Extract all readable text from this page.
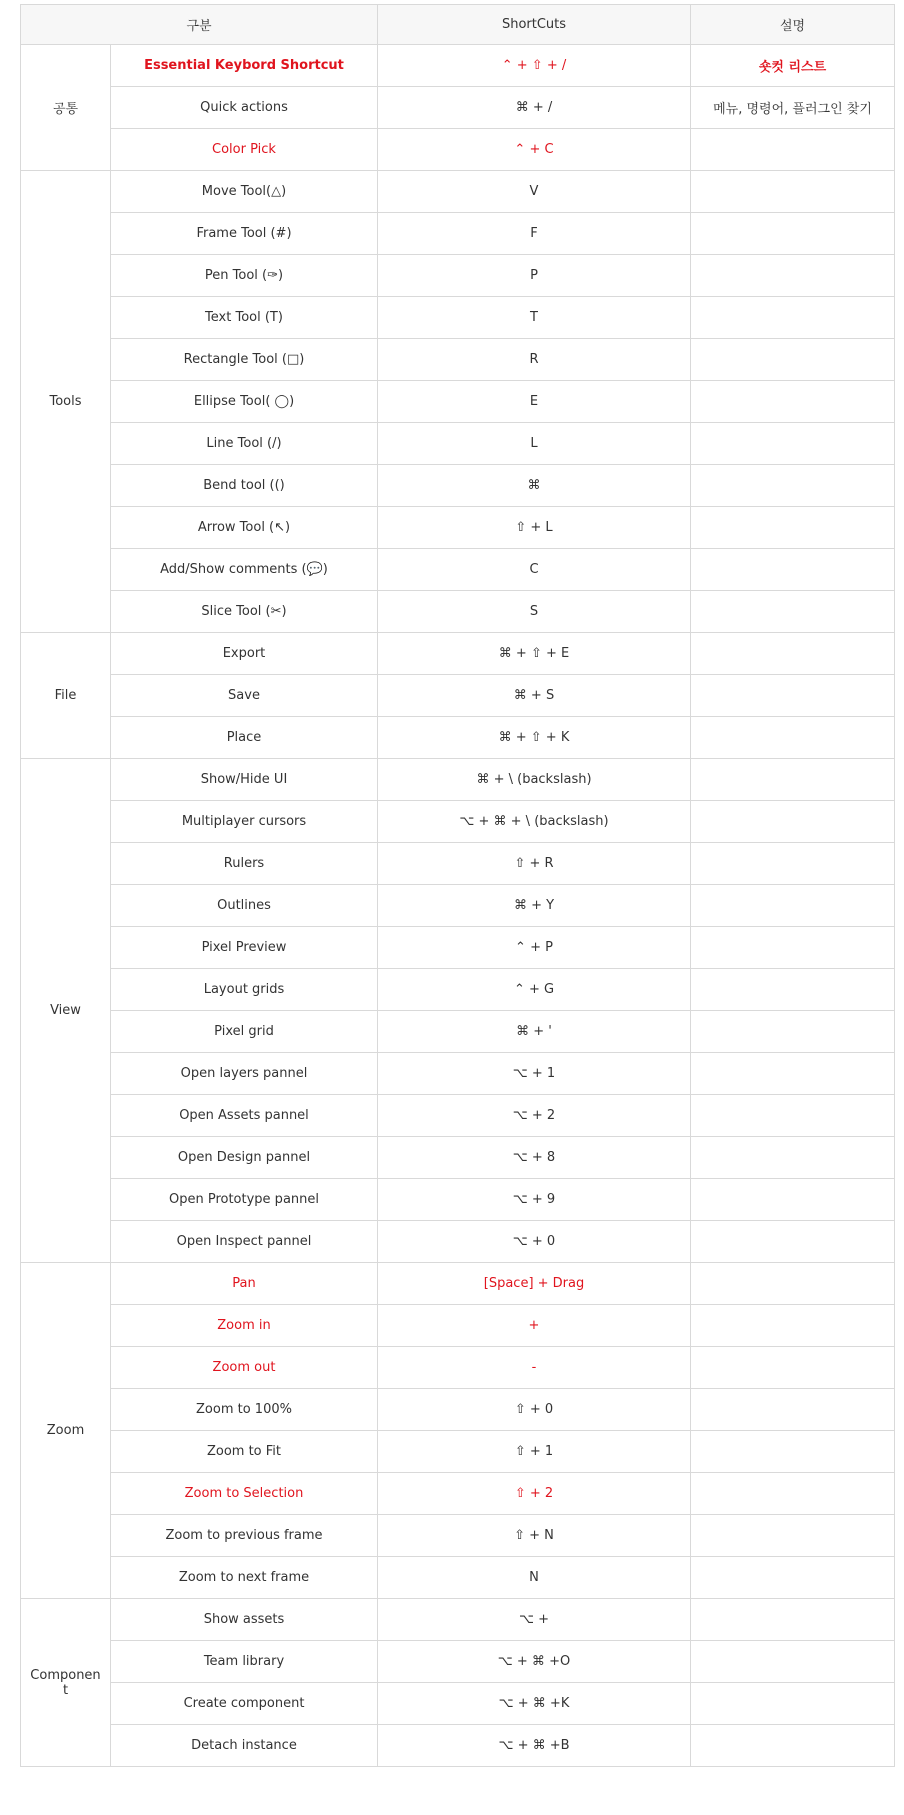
구분		ShortCuts	설명
공통	Essential Keybord Shortcut	⌃ + ⇧ + /	숏컷 리스트
	Quick actions	⌘ + /	메뉴, 명령어, 플러그인 찾기
	Color Pick	⌃ + C	
Tools	Move Tool(△)	V	
	Frame Tool (#)	F	
	Pen Tool (✑)	P	
	Text Tool (T)	T	
	Rectangle Tool (□)	R	
	Ellipse Tool( ◯)	E	
	Line Tool (/)	L	
	Bend tool (()	⌘	
	Arrow Tool (↖)	⇧ + L	
	Add/Show comments (💬)	C	
	Slice Tool (✂)	S	
File	Export	⌘ + ⇧ + E	
	Save	⌘ + S	
	Place	⌘ + ⇧ + K	
View	Show/Hide UI	⌘ + \ (backslash)	
	Multiplayer cursors	⌥ + ⌘ + \ (backslash)	
	Rulers	⇧ + R	
	Outlines	⌘ + Y	
	Pixel Preview	⌃ + P	
	Layout grids	⌃ + G	
	Pixel grid	⌘ + '	
	Open layers pannel	⌥ + 1	
	Open Assets pannel	⌥ + 2	
	Open Design pannel	⌥ + 8	
	Open Prototype pannel	⌥ + 9	
	Open Inspect pannel	⌥ + 0	
Zoom	Pan	[Space] + Drag	
	Zoom in	+	
	Zoom out	-	
	Zoom to 100%	⇧ + 0	
	Zoom to Fit	⇧ + 1	
	Zoom to Selection	⇧ + 2	
	Zoom to previous frame	⇧ + N	
	Zoom to next frame	N	
Component	Show assets	⌥ +	
	Team library	⌥ + ⌘ +O	
	Create component	⌥ + ⌘ +K	
	Detach instance	⌥ + ⌘ +B	
